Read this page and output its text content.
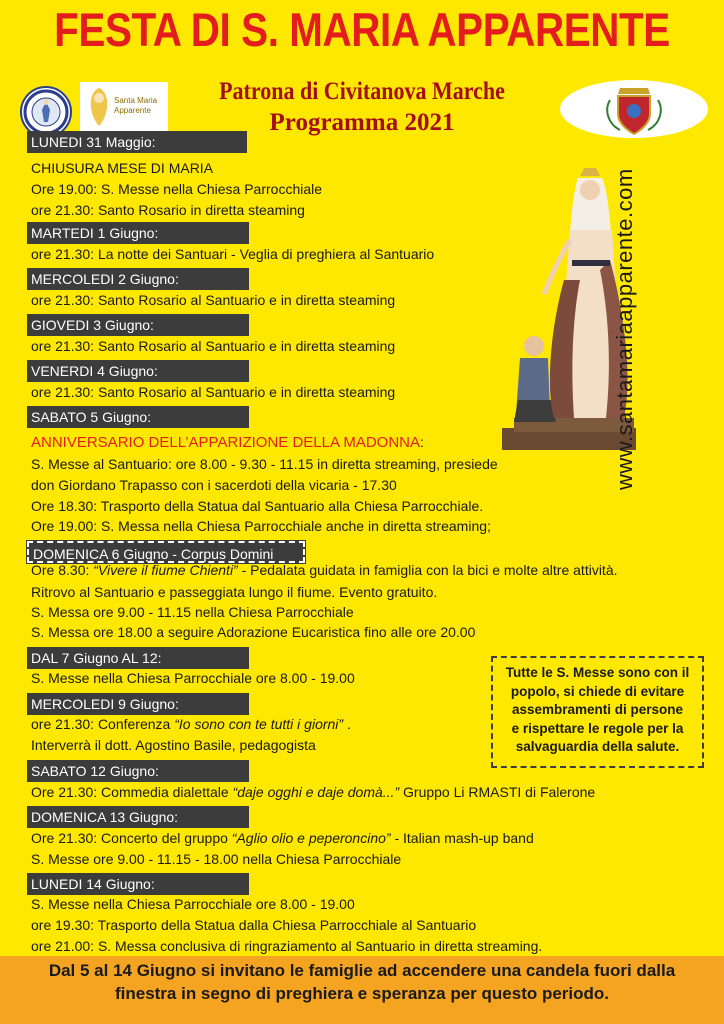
FESTA DI S. MARIA APPARENTE
Patrona di Civitanova Marche
Programma 2021
Santa Maria Apparente
www.santamariaapparente.com
LUNEDI 31 Maggio:
CHIUSURA MESE DI MARIA
Ore 19.00: S. Messe nella Chiesa Parrocchiale
ore 21.30: Santo Rosario in diretta steaming
MARTEDI 1 Giugno:
ore 21.30: La notte dei Santuari - Veglia di preghiera al Santuario
MERCOLEDI 2 Giugno:
ore 21.30: Santo Rosario al Santuario e in diretta steaming
GIOVEDI 3 Giugno:
ore 21.30: Santo Rosario al Santuario e in diretta steaming
VENERDI 4 Giugno:
ore 21.30: Santo Rosario al Santuario e in diretta steaming
SABATO 5 Giugno:
ANNIVERSARIO DELL’APPARIZIONE DELLA MADONNA:
S. Messe al Santuario: ore 8.00 - 9.30 - 11.15 in diretta streaming, presiede
don Giordano Trapasso con i sacerdoti della vicaria - 17.30
Ore 18.30: Trasporto della Statua dal Santuario alla Chiesa Parrocchiale.
Ore 19.00: S. Messa nella Chiesa Parrocchiale anche in diretta streaming;
DOMENICA 6 Giugno - Corpus Domini
Ore 8.30: “Vivere il fiume Chienti” - Pedalata guidata in famiglia con la bici e molte altre attività.
Ritrovo al Santuario e passeggiata lungo il fiume. Evento gratuito.
S. Messa ore 9.00 - 11.15 nella Chiesa Parrocchiale
S. Messa ore 18.00 a seguire Adorazione Eucaristica fino alle ore 20.00
DAL 7 Giugno AL 12:
S. Messe nella Chiesa Parrocchiale ore 8.00 - 19.00
MERCOLEDI 9 Giugno:
ore 21.30: Conferenza “Io sono con te tutti i giorni” .
Interverrà il dott. Agostino Basile, pedagogista
SABATO 12 Giugno:
Ore 21.30: Commedia dialettale “daje ogghi e daje domà...” Gruppo Li RMASTI di Falerone
DOMENICA 13 Giugno:
Ore 21.30: Concerto del gruppo “Aglio olio e peperoncino” - Italian mash-up band
S. Messe ore 9.00 - 11.15 - 18.00 nella Chiesa Parrocchiale
LUNEDI 14 Giugno:
S. Messe nella Chiesa Parrocchiale ore 8.00 - 19.00
ore 19.30: Trasporto della Statua dalla Chiesa Parrocchiale al Santuario
ore 21.00: S. Messa conclusiva di ringraziamento al Santuario in diretta streaming.
Tutte le S. Messe sono con il
popolo, si chiede di evitare
assembramenti di persone
e rispettare le regole per la
salvaguardia della salute.
Dal 5 al 14 Giugno si invitano le famiglie ad accendere una candela fuori dalla
finestra in segno di preghiera e speranza per questo periodo.
